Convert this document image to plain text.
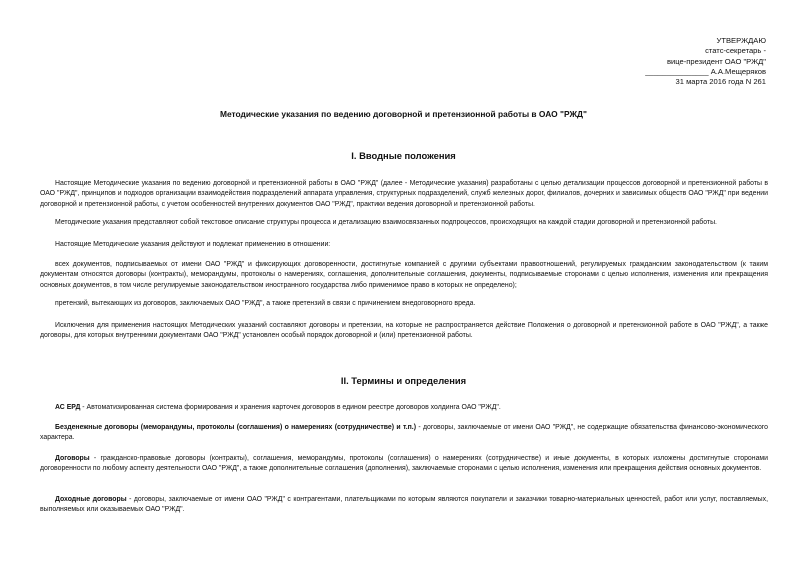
УТВЕРЖДАЮ
статс-секретарь -
вице-президент ОАО "РЖД"
_______________ А.А.Мещеряков
31 марта 2016 года N 261
Методические указания по ведению договорной и претензионной работы в ОАО "РЖД"
I. Вводные положения
Настоящие Методические указания по ведению договорной и претензионной работы в ОАО "РЖД" (далее - Методические указания) разработаны с целью детализации процессов договорной и претензионной работы в ОАО "РЖД", принципов и подходов организации взаимодействия подразделений аппарата управления, структурных подразделений, служб железных дорог, филиалов, дочерних и зависимых обществ ОАО "РЖД" при ведении договорной и претензионной работы, с учетом особенностей внутренних документов ОАО "РЖД", практики ведения договорной и претензионной работы.
Методические указания представляют собой текстовое описание структуры процесса и детализацию взаимосвязанных подпроцессов, происходящих на каждой стадии договорной и претензионной работы.
Настоящие Методические указания действуют и подлежат применению в отношении:
всех документов, подписываемых от имени ОАО "РЖД" и фиксирующих договоренности, достигнутые компанией с другими субъектами правоотношений, регулируемых гражданским законодательством (к таким документам относятся договоры (контракты), меморандумы, протоколы о намерениях, соглашения, дополнительные соглашения, документы, подписываемые сторонами с целью исполнения, изменения или прекращения основных документов, в том числе регулируемые законодательством иностранного государства либо применимое право в которых не определено);
претензий, вытекающих из договоров, заключаемых ОАО "РЖД", а также претензий в связи с причинением внедоговорного вреда.
Исключения для применения настоящих Методических указаний составляют договоры и претензии, на которые не распространяется действие Положения о договорной и претензионной работе в ОАО "РЖД", а также договоры, для которых внутренними документами ОАО "РЖД" установлен особый порядок договорной и (или) претензионной работы.
II. Термины и определения
АС ЕРД - Автоматизированная система формирования и хранения карточек договоров в едином реестре договоров холдинга ОАО "РЖД".
Безденежные договоры (меморандумы, протоколы (соглашения) о намерениях (сотрудничестве) и т.п.) - договоры, заключаемые от имени ОАО "РЖД", не содержащие обязательства финансово-экономического характера.
Договоры - гражданско-правовые договоры (контракты), соглашения, меморандумы, протоколы (соглашения) о намерениях (сотрудничестве) и иные документы, в которых изложены достигнутые сторонами договоренности по любому аспекту деятельности ОАО "РЖД", а также дополнительные соглашения (дополнения), заключаемые сторонами с целью исполнения, изменения или прекращения действия основных документов.
Доходные договоры - договоры, заключаемые от имени ОАО "РЖД" с контрагентами, плательщиками по которым являются покупатели и заказчики товарно-материальных ценностей, работ или услуг, поставляемых, выполняемых или оказываемых ОАО "РЖД".
